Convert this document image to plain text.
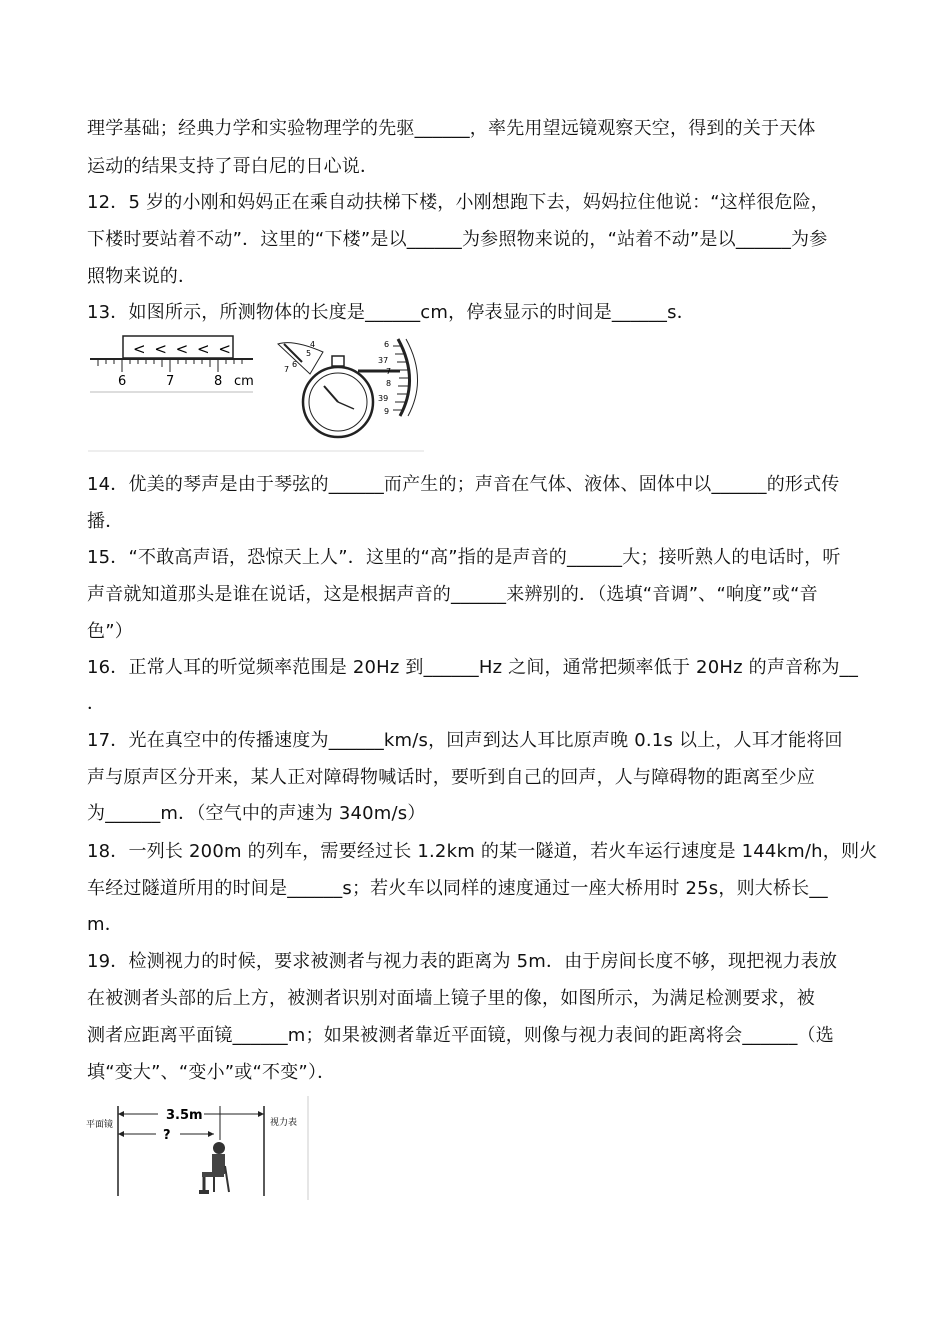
理学基础；经典力学和实验物理学的先驱______，率先用望远镜观察天空，得到的关于天体
运动的结果支持了哥白尼的日心说．
12．5 岁的小刚和妈妈正在乘自动扶梯下楼，小刚想跑下去，妈妈拉住他说：“这样很危险，
下楼时要站着不动”．这里的“下楼”是以______为参照物来说的，“站着不动”是以______为参
照物来说的．
13．如图所示，所测物体的长度是______cm，停表显示的时间是______s．
< < < < <
6	7	8 cm
4
5
6
7
6
37
7
8
39
9
14．优美的琴声是由于琴弦的______而产生的；声音在气体、液体、固体中以______的形式传
播．
15．“不敢高声语，恐惊天上人”．这里的“高”指的是声音的______大；接听熟人的电话时，听
声音就知道那头是谁在说话，这是根据声音的______来辨别的．（选填“音调”、“响度”或“音
色”）
16．正常人耳的听觉频率范围是 20Hz 到______Hz 之间，通常把频率低于 20Hz 的声音称为__
．
17．光在真空中的传播速度为______km/s，回声到达人耳比原声晚 0.1s 以上，人耳才能将回
声与原声区分开来，某人正对障碍物喊话时，要听到自己的回声，人与障碍物的距离至少应
为______m．（空气中的声速为 340m/s）
18．一列长 200m 的列车，需要经过长 1.2km 的某一隧道，若火车运行速度是 144km/h，则火
车经过隧道所用的时间是______s；若火车以同样的速度通过一座大桥用时 25s，则大桥长__
m．
19．检测视力的时候，要求被测者与视力表的距离为 5m．由于房间长度不够，现把视力表放
在被测者头部的后上方，被测者识别对面墙上镜子里的像，如图所示，为满足检测要求，被
测者应距离平面镜______m；如果被测者靠近平面镜，则像与视力表间的距离将会______（选
填“变大”、“变小”或“不变”）．
3.5m
?
平面镜	视力表
